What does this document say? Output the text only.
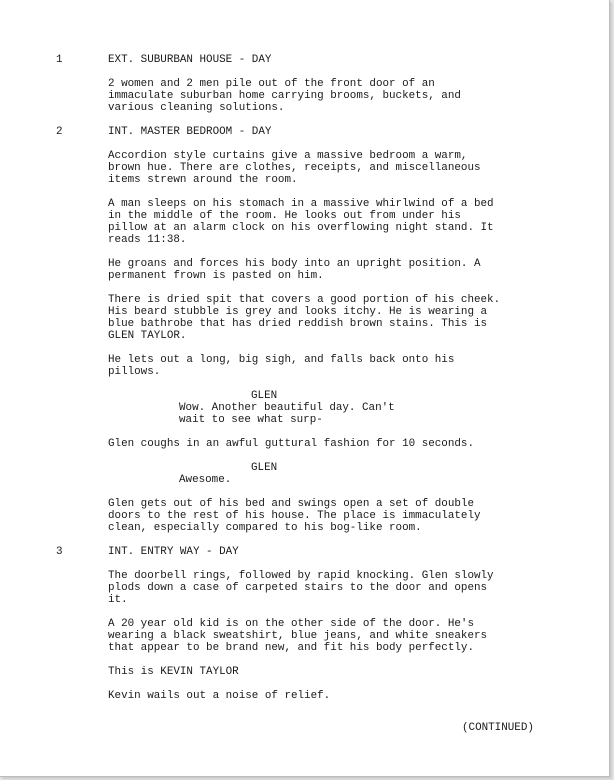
1	EXT. SUBURBAN HOUSE - DAY
2 women and 2 men pile out of the front door of an
immaculate suburban home carrying brooms, buckets, and
various cleaning solutions.
2	INT. MASTER BEDROOM - DAY
Accordion style curtains give a massive bedroom a warm,
brown hue. There are clothes, receipts, and miscellaneous
items strewn around the room.
A man sleeps on his stomach in a massive whirlwind of a bed
in the middle of the room. He looks out from under his
pillow at an alarm clock on his overflowing night stand. It
reads 11:38.
He groans and forces his body into an upright position. A
permanent frown is pasted on him.
There is dried spit that covers a good portion of his cheek.
His beard stubble is grey and looks itchy. He is wearing a
blue bathrobe that has dried reddish brown stains. This is
GLEN TAYLOR.
He lets out a long, big sigh, and falls back onto his
pillows.
GLEN
Wow. Another beautiful day. Can't
wait to see what surp-
Glen coughs in an awful guttural fashion for 10 seconds.
GLEN
Awesome.
Glen gets out of his bed and swings open a set of double
doors to the rest of his house. The place is immaculately
clean, especially compared to his bog-like room.
3	INT. ENTRY WAY - DAY
The doorbell rings, followed by rapid knocking. Glen slowly
plods down a case of carpeted stairs to the door and opens
it.
A 20 year old kid is on the other side of the door. He's
wearing a black sweatshirt, blue jeans, and white sneakers
that appear to be brand new, and fit his body perfectly.
This is KEVIN TAYLOR
Kevin wails out a noise of relief.
(CONTINUED)
